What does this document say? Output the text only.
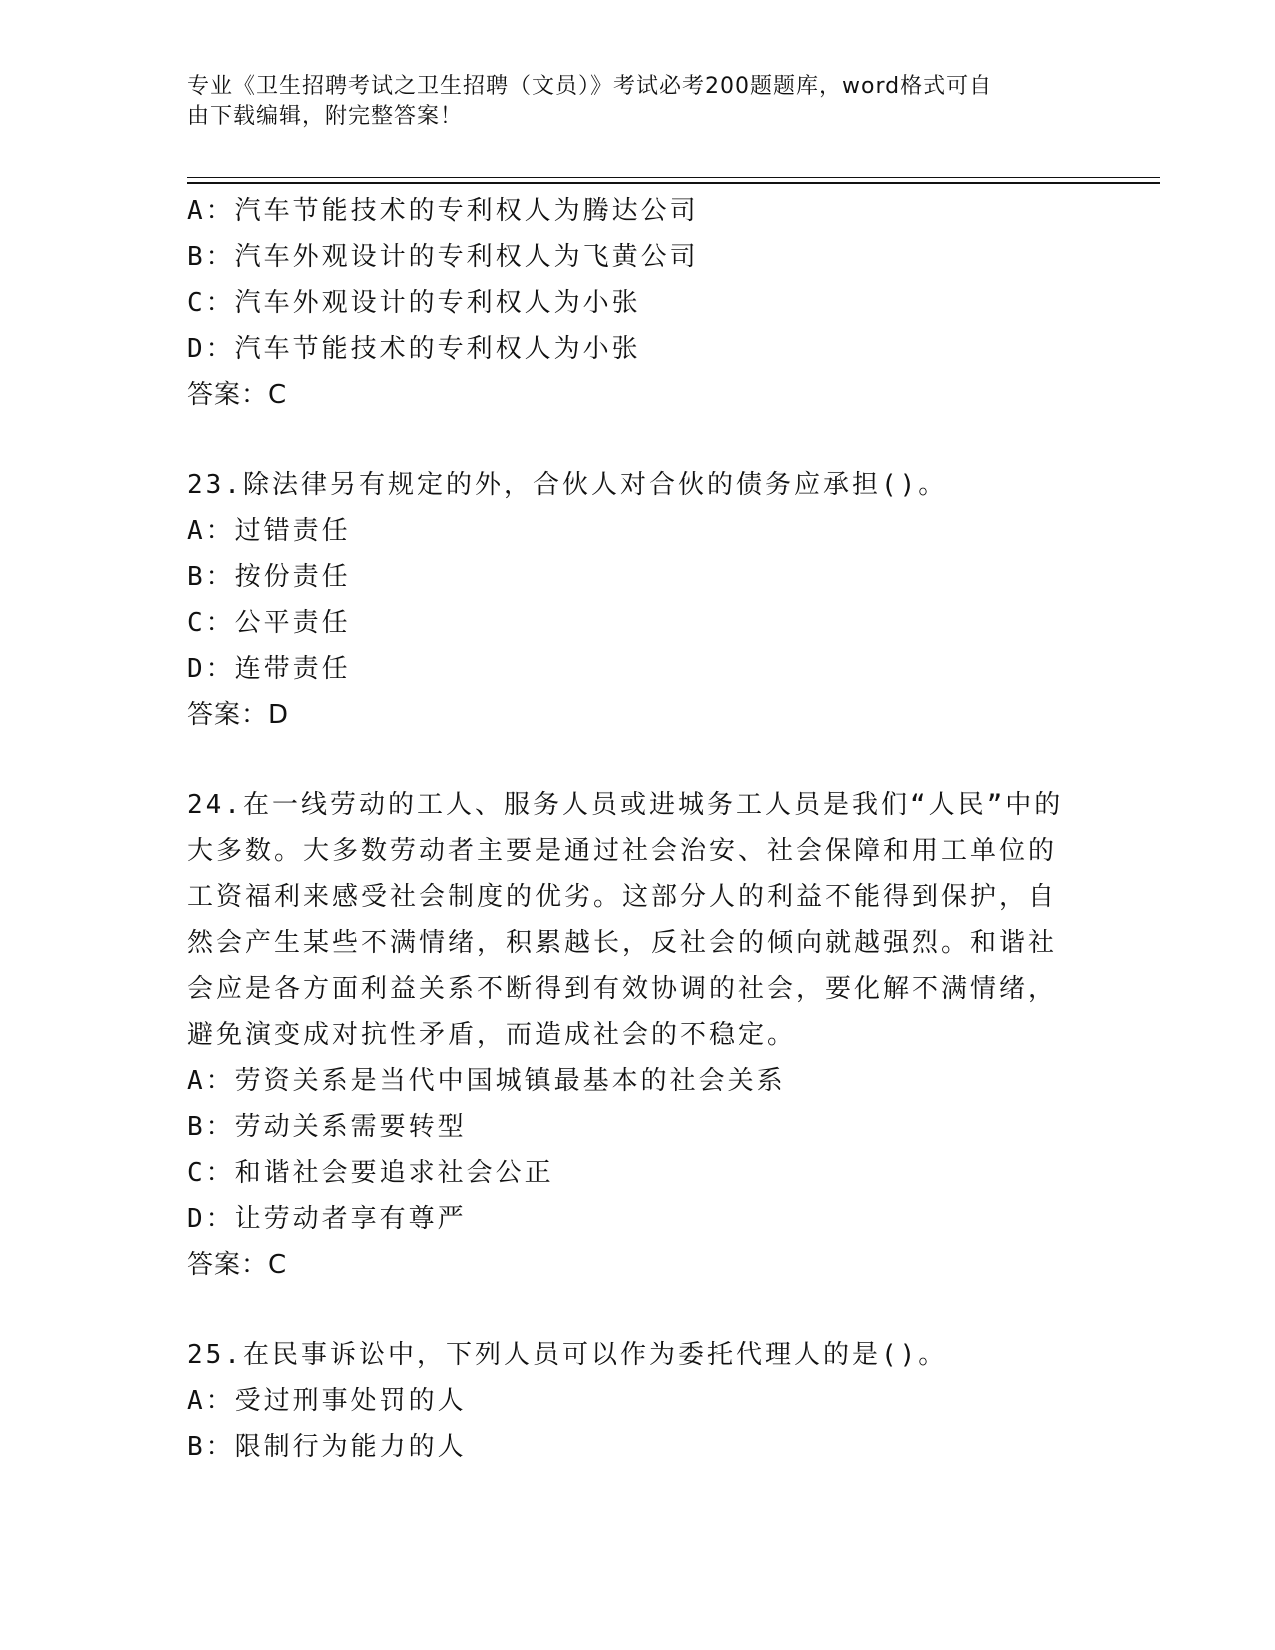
专业《卫生招聘考试之卫生招聘（文员）》考试必考200题题库，word格式可自
由下载编辑，附完整答案！
A：汽车节能技术的专利权人为腾达公司
B：汽车外观设计的专利权人为飞黄公司
C：汽车外观设计的专利权人为小张
D：汽车节能技术的专利权人为小张
答案：C
23.除法律另有规定的外，合伙人对合伙的债务应承担()。
A：过错责任
B：按份责任
C：公平责任
D：连带责任
答案：D
24.在一线劳动的工人、服务人员或进城务工人员是我们“人民”中的
大多数。大多数劳动者主要是通过社会治安、社会保障和用工单位的
工资福利来感受社会制度的优劣。这部分人的利益不能得到保护，自
然会产生某些不满情绪，积累越长，反社会的倾向就越强烈。和谐社
会应是各方面利益关系不断得到有效协调的社会，要化解不满情绪，
避免演变成对抗性矛盾，而造成社会的不稳定。
A：劳资关系是当代中国城镇最基本的社会关系
B：劳动关系需要转型
C：和谐社会要追求社会公正
D：让劳动者享有尊严
答案：C
25.在民事诉讼中，下列人员可以作为委托代理人的是()。
A：受过刑事处罚的人
B：限制行为能力的人
